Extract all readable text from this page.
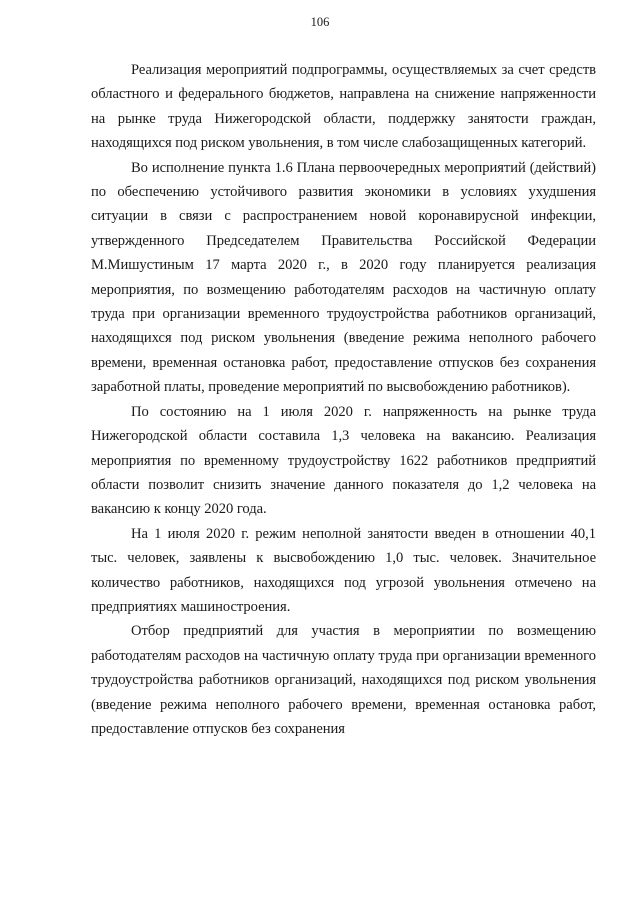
106

Реализация мероприятий подпрограммы, осуществляемых за счет средств областного и федерального бюджетов, направлена на снижение напряженности на рынке труда Нижегородской области, поддержку занятости граждан, находящихся под риском увольнения, в том числе слабозащищенных категорий.

Во исполнение пункта 1.6 Плана первоочередных мероприятий (действий) по обеспечению устойчивого развития экономики в условиях ухудшения ситуации в связи с распространением новой коронавирусной инфекции, утвержденного Председателем Правительства Российской Федерации М.Мишустиным 17 марта 2020 г., в 2020 году планируется реализация мероприятия, по возмещению работодателям расходов на частичную оплату труда при организации временного трудоустройства работников организаций, находящихся под риском увольнения (введение режима неполного рабочего времени, временная остановка работ, предоставление отпусков без сохранения заработной платы, проведение мероприятий по высвобождению работников).

По состоянию на 1 июля 2020 г. напряженность на рынке труда Нижегородской области составила 1,3 человека на вакансию. Реализация мероприятия по временному трудоустройству 1622 работников предприятий области позволит снизить значение данного показателя до 1,2 человека на вакансию к концу 2020 года.

На 1 июля 2020 г. режим неполной занятости введен в отношении 40,1 тыс. человек, заявлены к высвобождению 1,0 тыс. человек. Значительное количество работников, находящихся под угрозой увольнения отмечено на предприятиях машиностроения.

Отбор предприятий для участия в мероприятии по возмещению работодателям расходов на частичную оплату труда при организации временного трудоустройства работников организаций, находящихся под риском увольнения (введение режима неполного рабочего времени, временная остановка работ, предоставление отпусков без сохранения
